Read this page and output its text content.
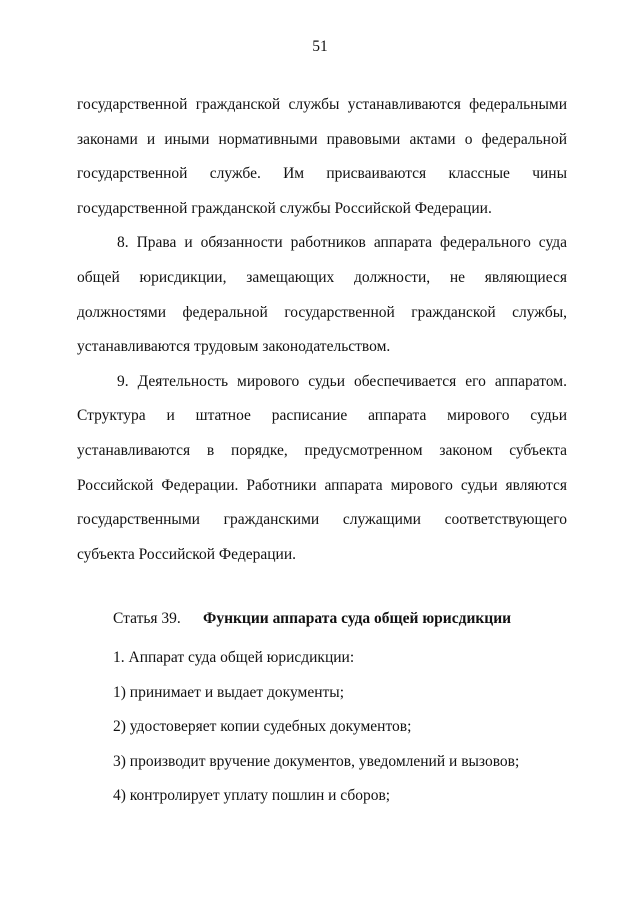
51

государственной гражданской службы устанавливаются федеральными законами и иными нормативными правовыми актами о федеральной государственной службе. Им присваиваются классные чины государственной гражданской службы Российской Федерации.

8. Права и обязанности работников аппарата федерального суда общей юрисдикции, замещающих должности, не являющиеся должностями федеральной государственной гражданской службы, устанавливаются трудовым законодательством.

9. Деятельность мирового судьи обеспечивается его аппаратом. Структура и штатное расписание аппарата мирового судьи устанавливаются в порядке, предусмотренном законом субъекта Российской Федерации. Работники аппарата мирового судьи являются государственными гражданскими служащими соответствующего субъекта Российской Федерации.

Статья 39. Функции аппарата суда общей юрисдикции

1. Аппарат суда общей юрисдикции:

1) принимает и выдает документы;

2) удостоверяет копии судебных документов;

3) производит вручение документов, уведомлений и вызовов;

4) контролирует уплату пошлин и сборов;
